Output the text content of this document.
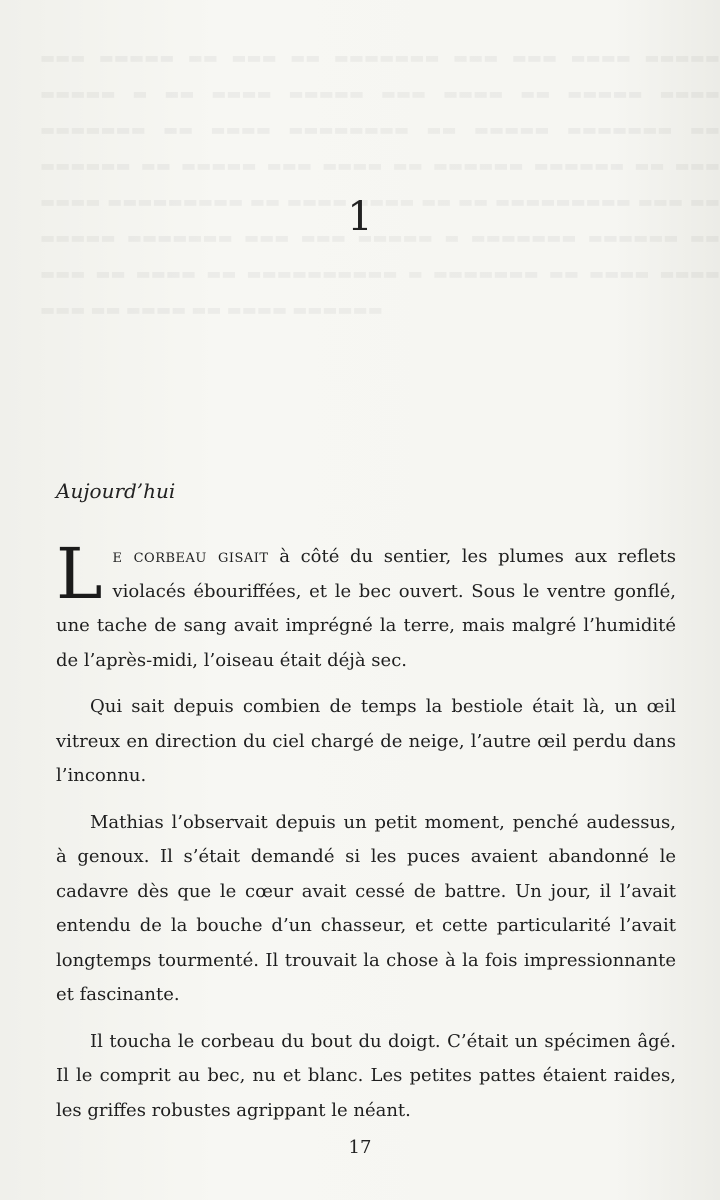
1
Aujourd’hui

Le corbeau gisait à côté du sentier, les plumes aux reflets violacés ébouriffées, et le bec ouvert. Sous le ventre gonflé, une tache de sang avait imprégné la terre, mais malgré l’humidité de l’après-midi, l’oiseau était déjà sec.

Qui sait depuis combien de temps la bestiole était là, un œil vitreux en direction du ciel chargé de neige, l’autre œil perdu dans l’inconnu.

Mathias l’observait depuis un petit moment, penché audessus, à genoux. Il s’était demandé si les puces avaient abandonné le cadavre dès que le cœur avait cessé de battre. Un jour, il l’avait entendu de la bouche d’un chasseur, et cette particularité l’avait longtemps tourmenté. Il trouvait la chose à la fois impressionnante et fascinante.

Il toucha le corbeau du bout du doigt. C’était un spécimen âgé. Il le comprit au bec, nu et blanc. Les petites pattes étaient raides, les griffes robustes agrippant le néant.

17
